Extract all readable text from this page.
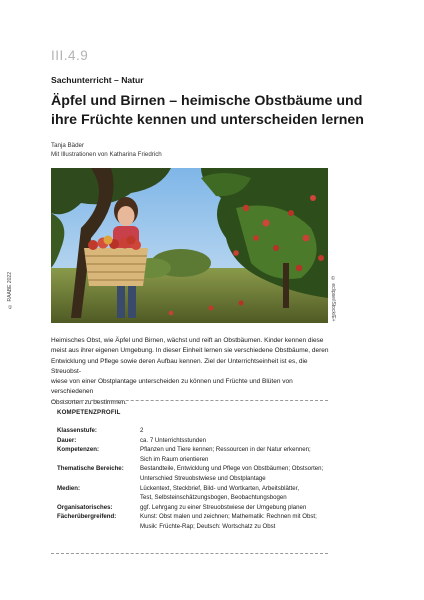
III.4.9
Sachunterricht – Natur
Äpfel und Birnen – heimische Obstbäume und
ihre Früchte kennen und unterscheiden lernen
Tanja Bäder
Mit Illustrationen von Katharina Friedrich
© RAABE 2022	© eclipse/iStock/E+
Heimisches Obst, wie Äpfel und Birnen, wächst und reift an Obstbäumen. Kinder kennen diese
meist aus ihrer eigenen Umgebung. In dieser Einheit lernen sie verschiedene Obstbäume, deren
Entwicklung und Pflege sowie deren Aufbau kennen. Ziel der Unterrichtseinheit ist es, die Streuobst-
wiese von einer Obstplantage unterscheiden zu können und Früchte und Blüten von verschiedenen
Obstsorten zu bestimmen.
KOMPETENZPROFIL
Klassenstufe:	2
Dauer:	ca. 7 Unterrichtsstunden
Kompetenzen:	Pflanzen und Tiere kennen; Ressourcen in der Natur erkennen;
Sich im Raum orientieren
Thematische Bereiche:	Bestandteile, Entwicklung und Pflege von Obstbäumen; Obstsorten;
Unterschied Streuobstwiese und Obstplantage
Medien:	Lückentext, Steckbrief, Bild- und Wortkarten, Arbeitsblätter,
Test, Selbsteinschätzungsbogen, Beobachtungsbogen
Organisatorisches:	ggf. Lehrgang zu einer Streuobstwiese der Umgebung planen
Fächerübergreifend:	Kunst: Obst malen und zeichnen; Mathematik: Rechnen mit Obst;
Musik: Früchte-Rap; Deutsch: Wortschatz zu Obst
